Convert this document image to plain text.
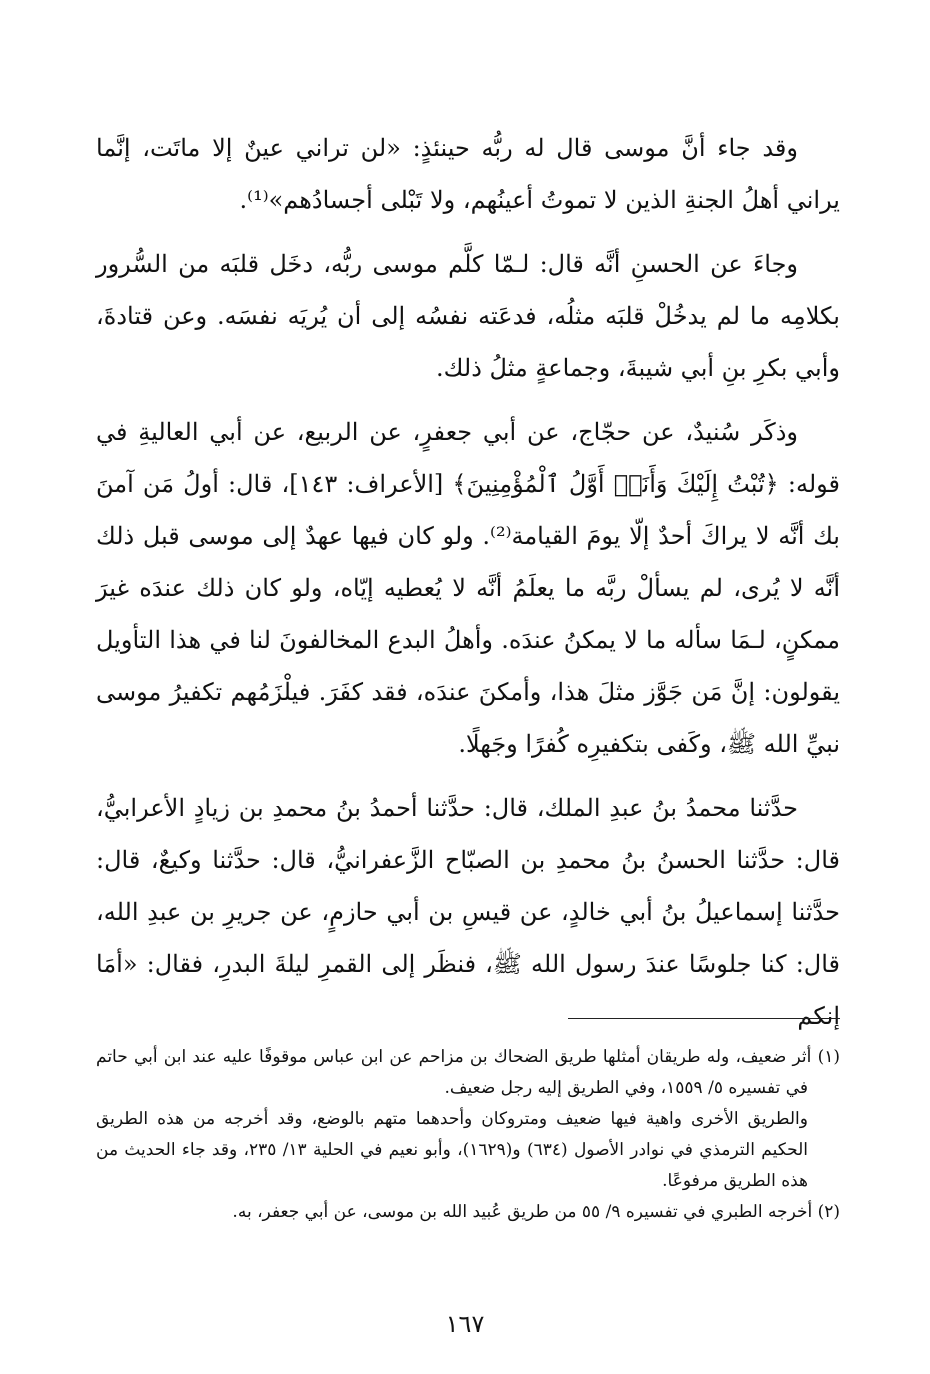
وقد جاء أنَّ موسى قال له ربُّه حينئذٍ: «لن تراني عينٌ إلا ماتَت، إنَّما يراني أهلُ الجنةِ الذين لا تموتُ أعينُهم، ولا تَبْلى أجسادُهم»⁽¹⁾.

وجاءَ عن الحسنِ أنَّه قال: لـمّا كلَّم موسى ربُّه، دخَل قلبَه من السُّرور بكلامِه ما لم يدخُلْ قلبَه مثلُه، فدعَته نفسُه إلى أن يُريَه نفسَه. وعن قتادةَ، وأبي بكرِ بنِ أبي شيبةَ، وجماعةٍ مثلُ ذلك.

وذكَر سُنيدٌ، عن حجّاج، عن أبي جعفرٍ، عن الربيع، عن أبي العاليةِ في قوله: ﴿تُبْتُ إِلَيْكَ وَأَنَا۠ أَوَّلُ ٱلْمُؤْمِنِينَ﴾ [الأعراف: ١٤٣]، قال: أولُ مَن آمنَ بك أنَّه لا يراكَ أحدٌ إلّا يومَ القيامة⁽²⁾. ولو كان فيها عهدٌ إلى موسى قبل ذلك أنَّه لا يُرى، لم يسألْ ربَّه ما يعلَمُ أنَّه لا يُعطيه إيّاه، ولو كان ذلك عندَه غيرَ ممكنٍ، لـمَا سأله ما لا يمكنُ عندَه. وأهلُ البدع المخالفونَ لنا في هذا التأويل يقولون: إنَّ مَن جَوَّز مثلَ هذا، وأمكنَ عندَه، فقد كفَرَ. فيلْزَمُهم تكفيرُ موسى نبيِّ الله ﷺ، وكَفى بتكفيرِه كُفرًا وجَهلًا.

حدَّثنا محمدُ بنُ عبدِ الملك، قال: حدَّثنا أحمدُ بنُ محمدِ بن زيادٍ الأعرابيُّ، قال: حدَّثنا الحسنُ بنُ محمدِ بن الصبّاح الزَّعفرانيُّ، قال: حدَّثنا وكيعٌ، قال: حدَّثنا إسماعيلُ بنُ أبي خالدٍ، عن قيسِ بن أبي حازمٍ، عن جريرِ بن عبدِ الله، قال: كنا جلوسًا عندَ رسول الله ﷺ، فنظَر إلى القمرِ ليلةَ البدرِ، فقال: «أمَا إنكم

(١) أثر ضعيف، وله طريقان أمثلها طريق الضحاك بن مزاحم عن ابن عباس موقوفًا عليه عند ابن أبي حاتم في تفسيره ٥/ ١٥٥٩، وفي الطريق إليه رجل ضعيف.

والطريق الأخرى واهية فيها ضعيف ومتروكان وأحدهما متهم بالوضع، وقد أخرجه من هذه الطريق الحكيم الترمذي في نوادر الأصول (٦٣٤) و(١٦٢٩)، وأبو نعيم في الحلية ١٣/ ٢٣٥، وقد جاء الحديث من هذه الطريق مرفوعًا.

(٢) أخرجه الطبري في تفسيره ٩/ ٥٥ من طريق عُبيد الله بن موسى، عن أبي جعفر، به.

١٦٧
